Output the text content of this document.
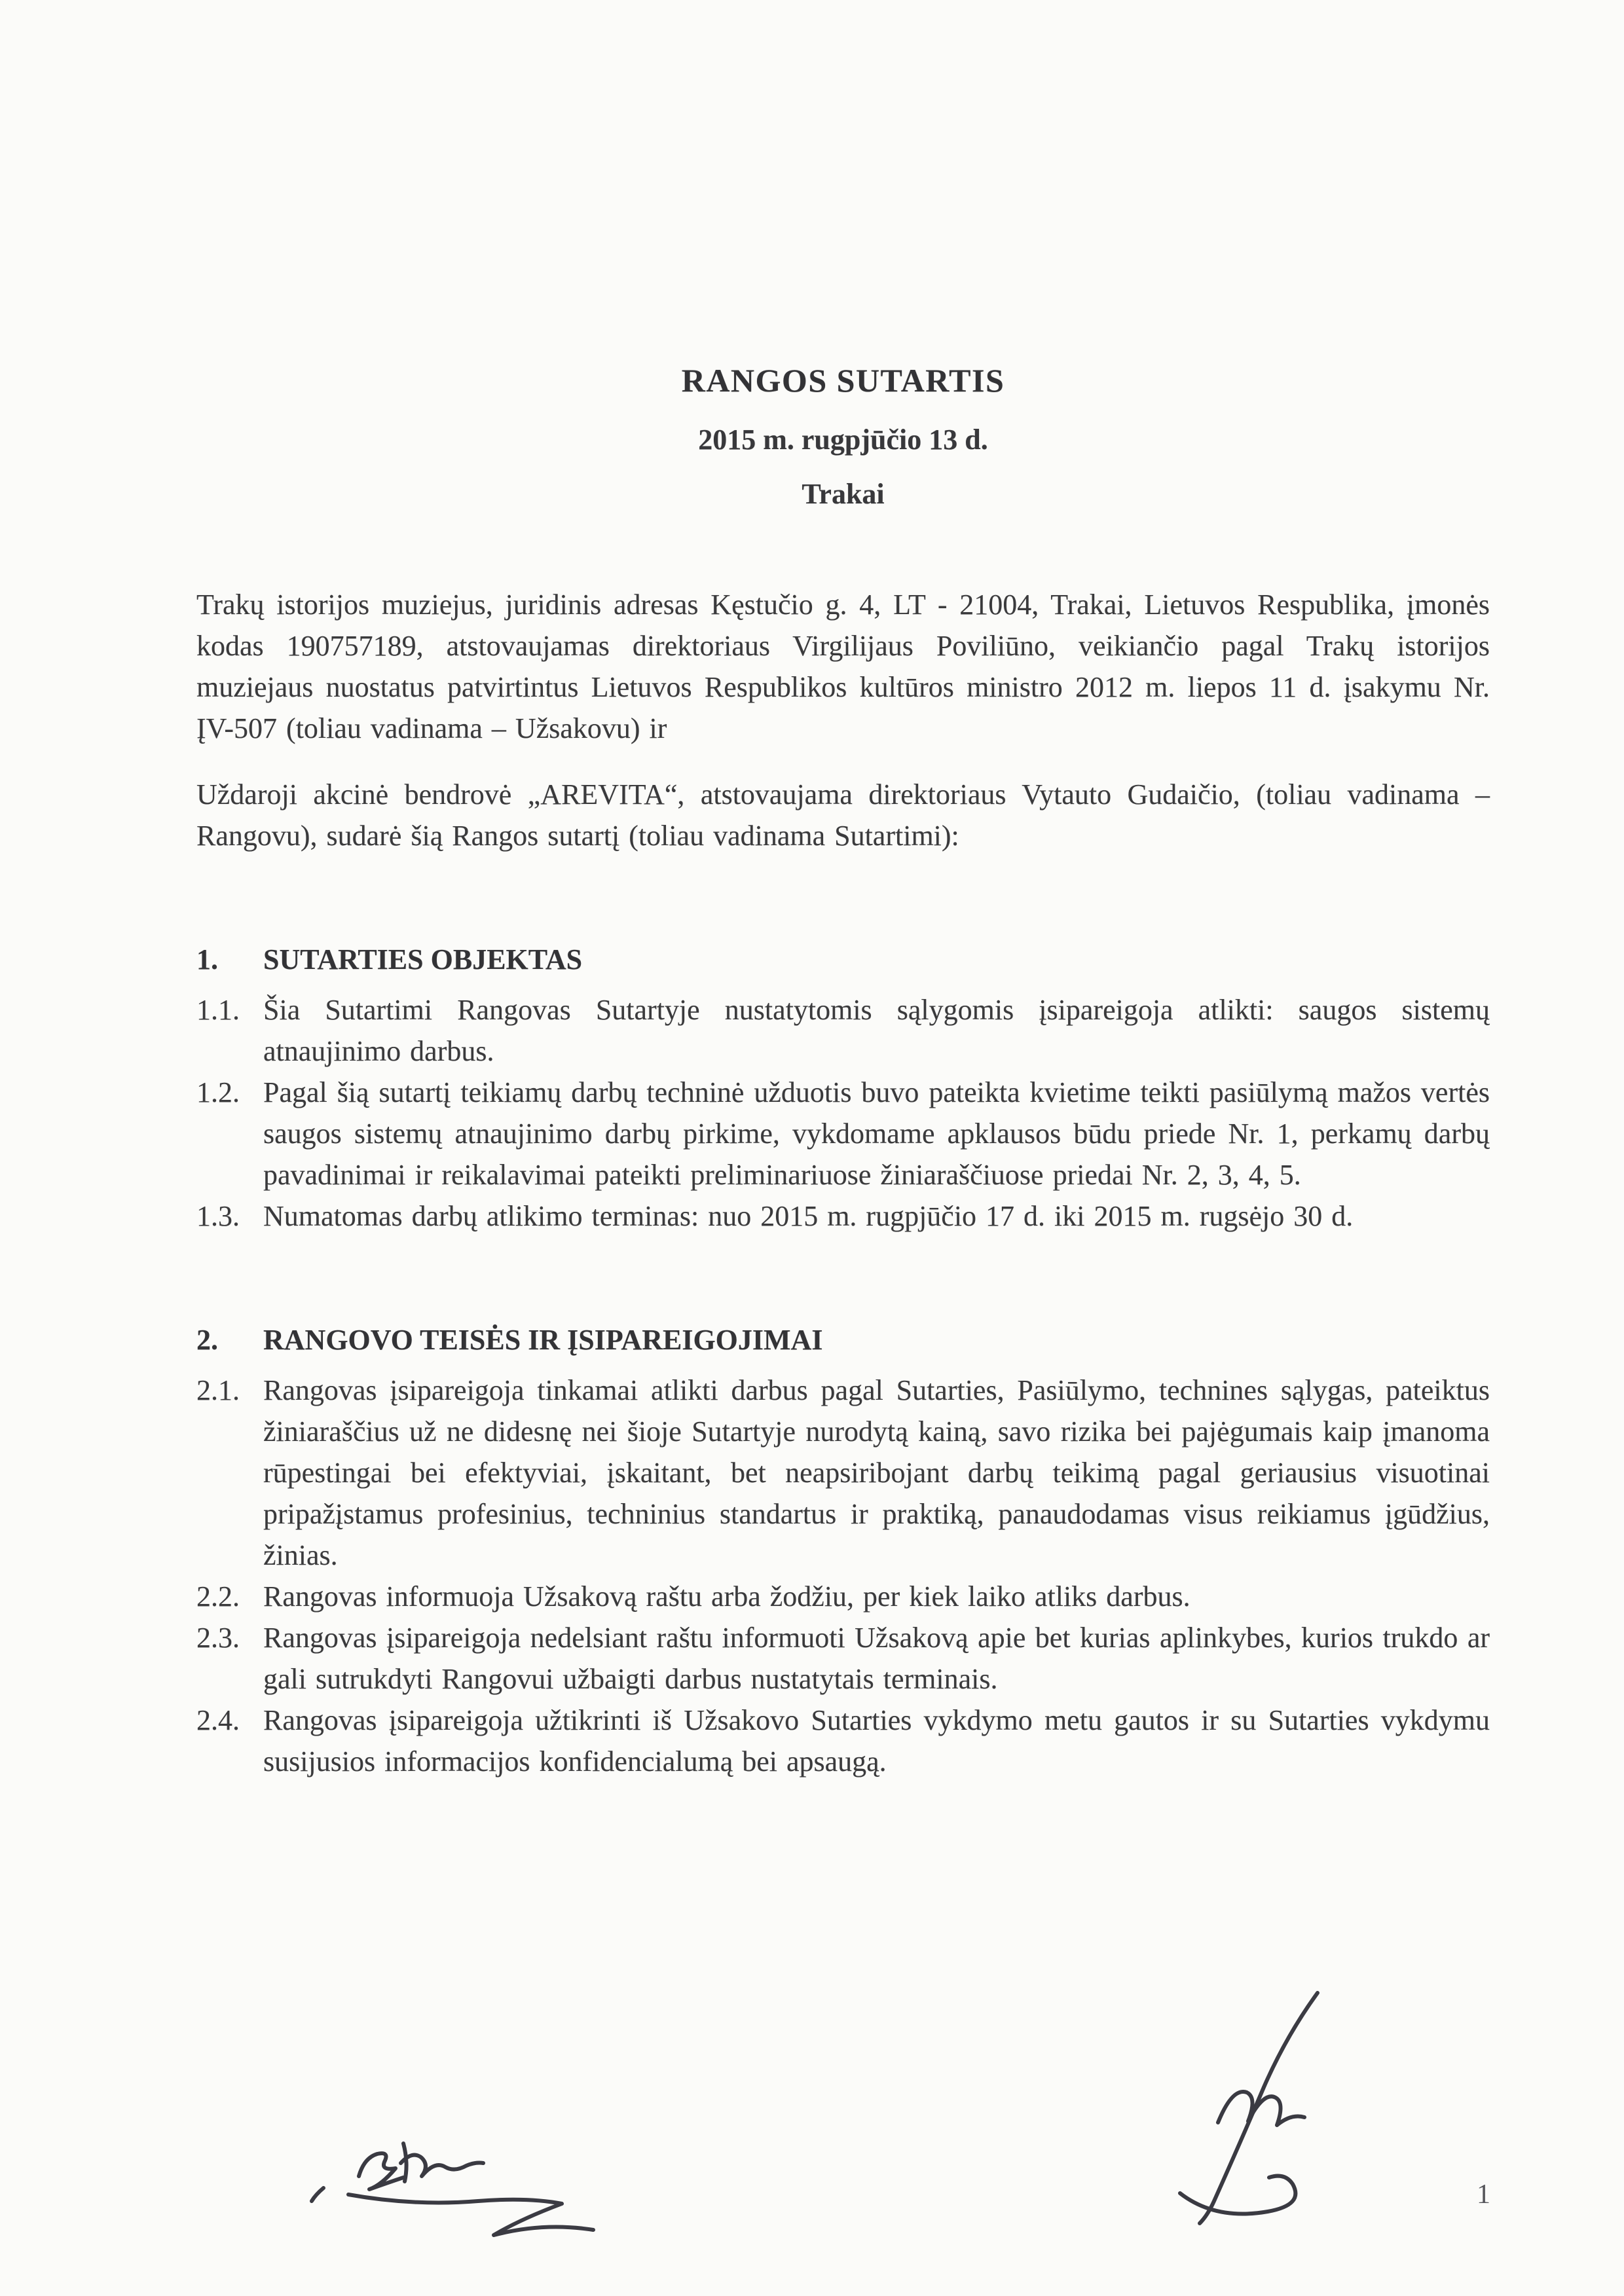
RANGOS SUTARTIS
2015 m. rugpjūčio 13 d.
Trakai

Trakų istorijos muziejus, juridinis adresas Kęstučio g. 4, LT - 21004, Trakai, Lietuvos Respublika, įmonės kodas 190757189, atstovaujamas direktoriaus Virgilijaus Poviliūno, veikiančio pagal Trakų istorijos muziejaus nuostatus patvirtintus Lietuvos Respublikos kultūros ministro 2012 m. liepos 11 d. įsakymu Nr. ĮV-507 (toliau vadinama – Užsakovu) ir

Uždaroji akcinė bendrovė „AREVITA“, atstovaujama direktoriaus Vytauto Gudaičio, (toliau vadinama – Rangovu), sudarė šią Rangos sutartį (toliau vadinama Sutartimi):

1.	SUTARTIES OBJEKTAS
1.1. Šia Sutartimi Rangovas Sutartyje nustatytomis sąlygomis įsipareigoja atlikti: saugos sistemų atnaujinimo darbus.
1.2. Pagal šią sutartį teikiamų darbų techninė užduotis buvo pateikta kvietime teikti pasiūlymą mažos vertės saugos sistemų atnaujinimo darbų pirkime, vykdomame apklausos būdu priede Nr. 1, perkamų darbų pavadinimai ir reikalavimai pateikti preliminariuose žiniaraščiuose priedai Nr. 2, 3, 4, 5.
1.3. Numatomas darbų atlikimo terminas: nuo 2015 m. rugpjūčio 17 d. iki 2015 m. rugsėjo 30 d.
2.	RANGOVO TEISĖS IR ĮSIPAREIGOJIMAI
2.1. Rangovas įsipareigoja tinkamai atlikti darbus pagal Sutarties, Pasiūlymo, technines sąlygas, pateiktus žiniaraščius už ne didesnę nei šioje Sutartyje nurodytą kainą, savo rizika bei pajėgumais kaip įmanoma rūpestingai bei efektyviai, įskaitant, bet neapsiribojant darbų teikimą pagal geriausius visuotinai pripažįstamus profesinius, techninius standartus ir praktiką, panaudodamas visus reikiamus įgūdžius, žinias.
2.2. Rangovas informuoja Užsakovą raštu arba žodžiu, per kiek laiko atliks darbus.
2.3. Rangovas įsipareigoja nedelsiant raštu informuoti Užsakovą apie bet kurias aplinkybes, kurios trukdo ar gali sutrukdyti Rangovui užbaigti darbus nustatytais terminais.
2.4. Rangovas įsipareigoja užtikrinti iš Užsakovo Sutarties vykdymo metu gautos ir su Sutarties vykdymu susijusios informacijos konfidencialumą bei apsaugą.
1
